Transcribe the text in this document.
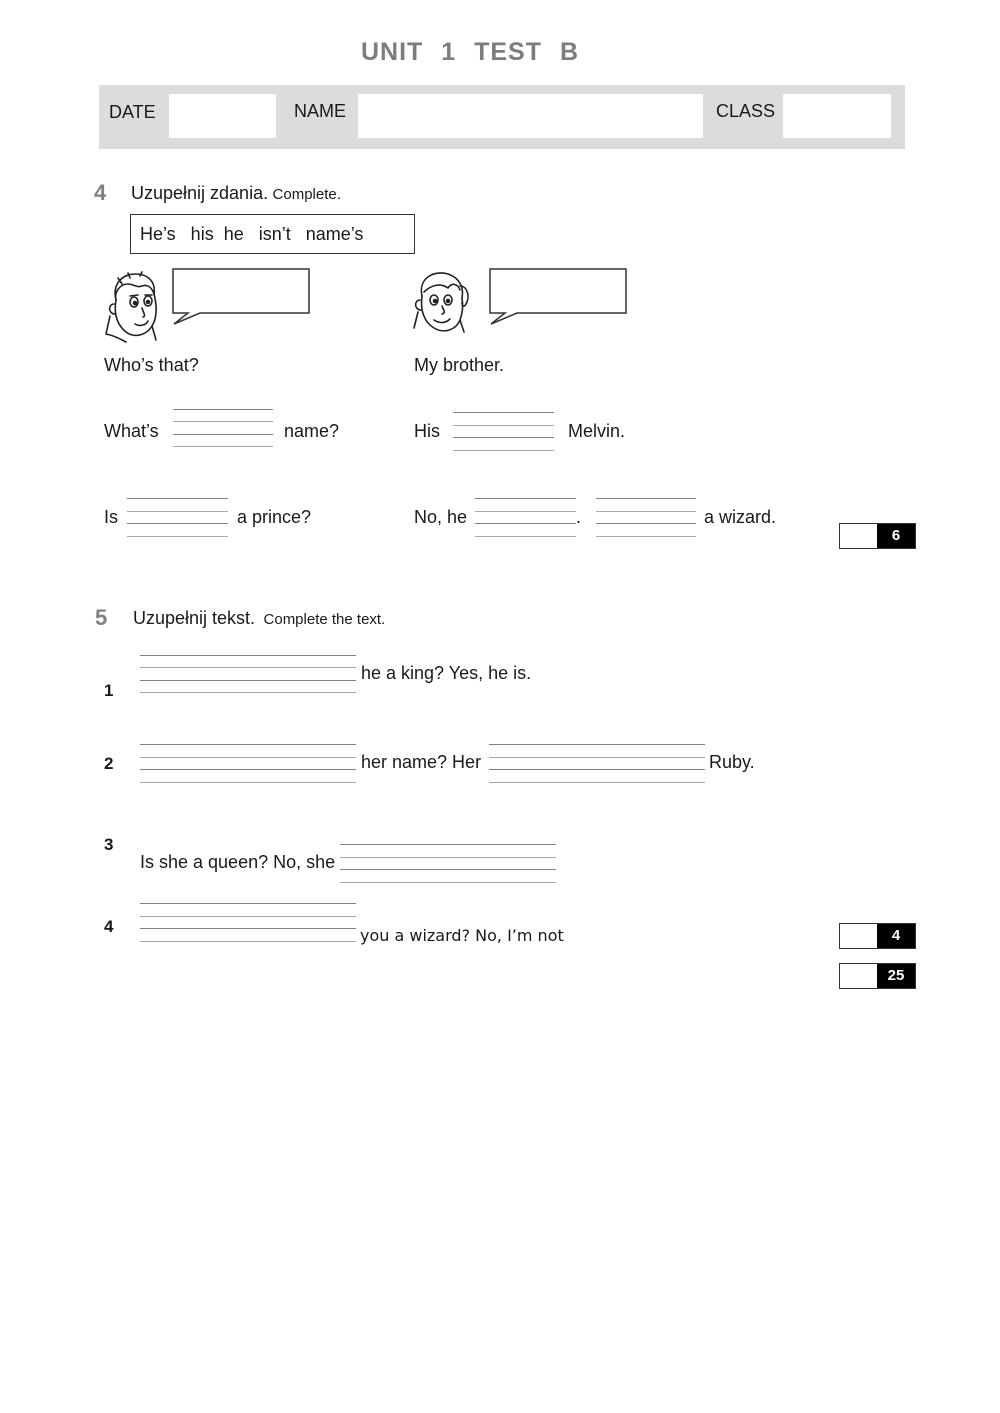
UNIT 1 TEST B
DATE	NAME	CLASS
4 Uzupełnij zdania. Complete.
He’s   his  he   isn’t   name’s
Who’s that?	My brother.
What’s	name?	His	Melvin.
Is	a prince?	No, he	.	a wizard.
6
5 Uzupełnij tekst. Complete the text.
1
he a king? Yes, he is.
2	her name? Her	Ruby.
3
Is she a queen? No, she
4	you a wizard? No, I’m not	4
25
